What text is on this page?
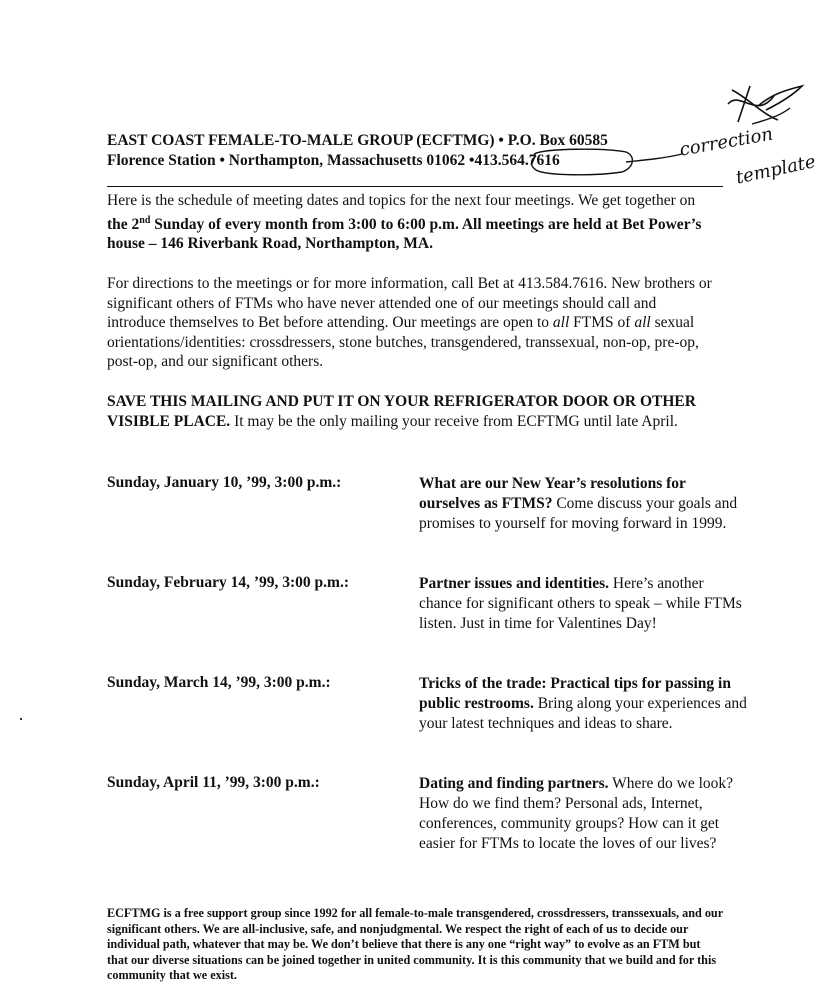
correction
template
EAST COAST FEMALE-TO-MALE GROUP (ECFTMG) • P.O. Box 60585
Florence Station • Northampton, Massachusetts 01062 •413.564.7616

Here is the schedule of meeting dates and topics for the next four meetings. We get together on the 2nd Sunday of every month from 3:00 to 6:00 p.m. All meetings are held at Bet Power’s house – 146 Riverbank Road, Northampton, MA.

For directions to the meetings or for more information, call Bet at 413.584.7616. New brothers or significant others of FTMs who have never attended one of our meetings should call and introduce themselves to Bet before attending. Our meetings are open to all FTMS of all sexual orientations/identities: crossdressers, stone butches, transgendered, transsexual, non-op, pre-op, post-op, and our significant others.

SAVE THIS MAILING AND PUT IT ON YOUR REFRIGERATOR DOOR OR OTHER VISIBLE PLACE. It may be the only mailing your receive from ECFTMG until late April.

Sunday, January 10, ’99, 3:00 p.m.:	What are our New Year’s resolutions for ourselves as FTMS? Come discuss your goals and promises to yourself for moving forward in 1999.
Sunday, February 14, ’99, 3:00 p.m.:	Partner issues and identities. Here’s another chance for significant others to speak – while FTMs listen. Just in time for Valentines Day!
Sunday, March 14, ’99, 3:00 p.m.:	Tricks of the trade: Practical tips for passing in public restrooms. Bring along your experiences and your latest techniques and ideas to share.
Sunday, April 11, ’99, 3:00 p.m.:	Dating and finding partners. Where do we look? How do we find them? Personal ads, Internet, conferences, community groups? How can it get easier for FTMs to locate the loves of our lives?

ECFTMG is a free support group since 1992 for all female-to-male transgendered, crossdressers, transsexuals, and our significant others. We are all-inclusive, safe, and nonjudgmental. We respect the right of each of us to decide our individual path, whatever that may be. We don’t believe that there is any one “right way” to evolve as an FTM but that our diverse situations can be joined together in united community. It is this community that we build and for this community that we exist.
